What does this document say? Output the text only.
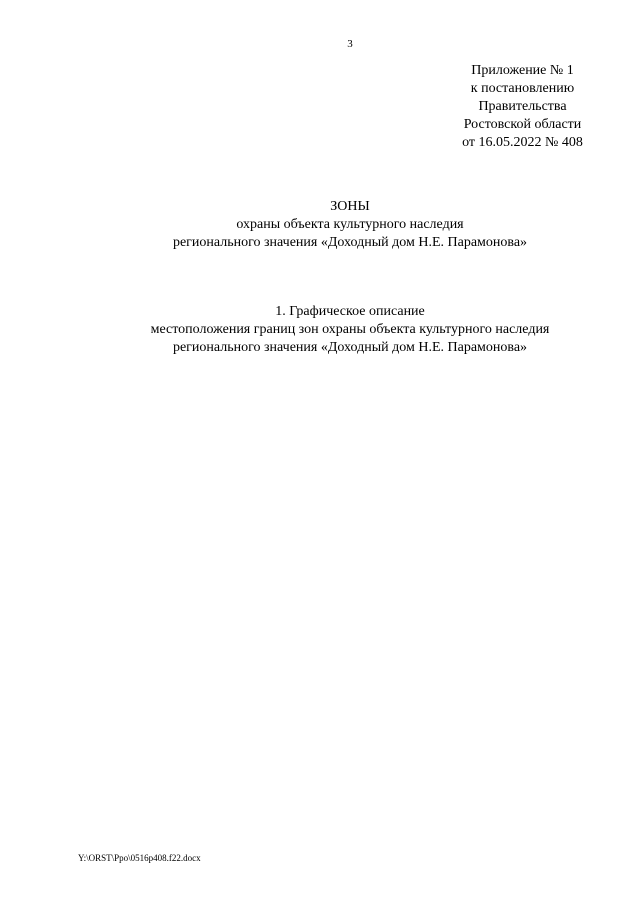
3
Приложение № 1
к постановлению
Правительства
Ростовской области
от 16.05.2022 № 408
ЗОНЫ
охраны объекта культурного наследия
регионального значения «Доходный дом Н.Е. Парамонова»
1. Графическое описание
местоположения границ зон охраны объекта культурного наследия
регионального значения «Доходный дом Н.Е. Парамонова»
Y:\ORST\Ppo\0516p408.f22.docx
